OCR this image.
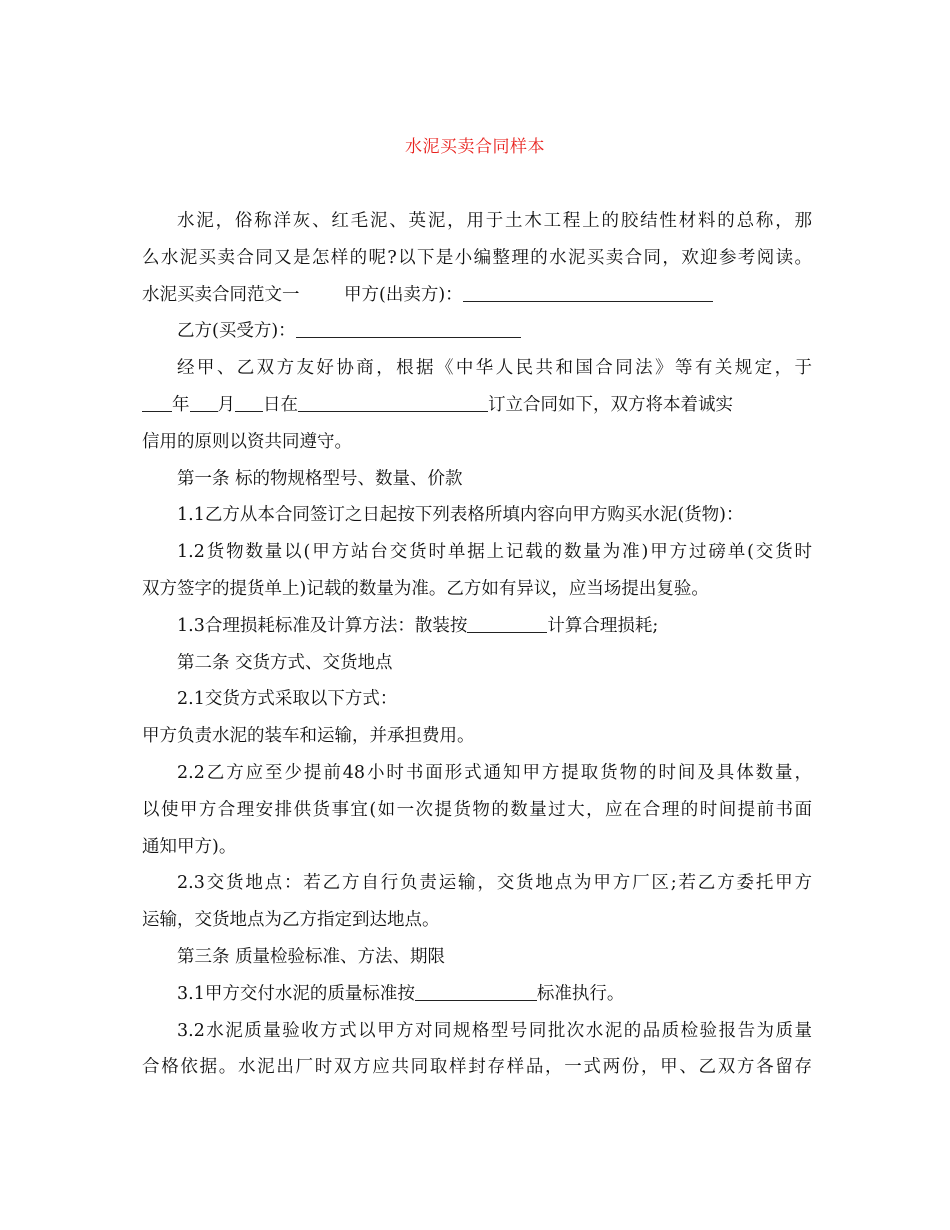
水泥买卖合同样本
水泥，俗称洋灰、红毛泥、英泥，用于土木工程上的胶结性材料的总称，那
么水泥买卖合同又是怎样的呢?以下是小编整理的水泥买卖合同，欢迎参考阅读。
水泥买卖合同范文一	甲方(出卖方)：
乙方(买受方)：
经甲、乙双方友好协商，根据《中华人民共和国合同法》等有关规定，于
年 月 日在	订立合同如下，双方将本着诚实
信用的原则以资共同遵守。
第一条 标的物规格型号、数量、价款
1.1乙方从本合同签订之日起按下列表格所填内容向甲方购买水泥(货物)：
1.2货物数量以(甲方站台交货时单据上记载的数量为准)甲方过磅单(交货时
双方签字的提货单上)记载的数量为准。乙方如有异议，应当场提出复验。
1.3合理损耗标准及计算方法：散装按	计算合理损耗;
第二条 交货方式、交货地点
2.1交货方式采取以下方式：
甲方负责水泥的装车和运输，并承担费用。
2.2乙方应至少提前48小时书面形式通知甲方提取货物的时间及具体数量，
以使甲方合理安排供货事宜(如一次提货物的数量过大，应在合理的时间提前书面
通知甲方)。
2.3交货地点：若乙方自行负责运输，交货地点为甲方厂区;若乙方委托甲方
运输，交货地点为乙方指定到达地点。
第三条 质量检验标准、方法、期限
3.1甲方交付水泥的质量标准按	标准执行。
3.2水泥质量验收方式以甲方对同规格型号同批次水泥的品质检验报告为质量
合格依据。水泥出厂时双方应共同取样封存样品，一式两份，甲、乙双方各留存
